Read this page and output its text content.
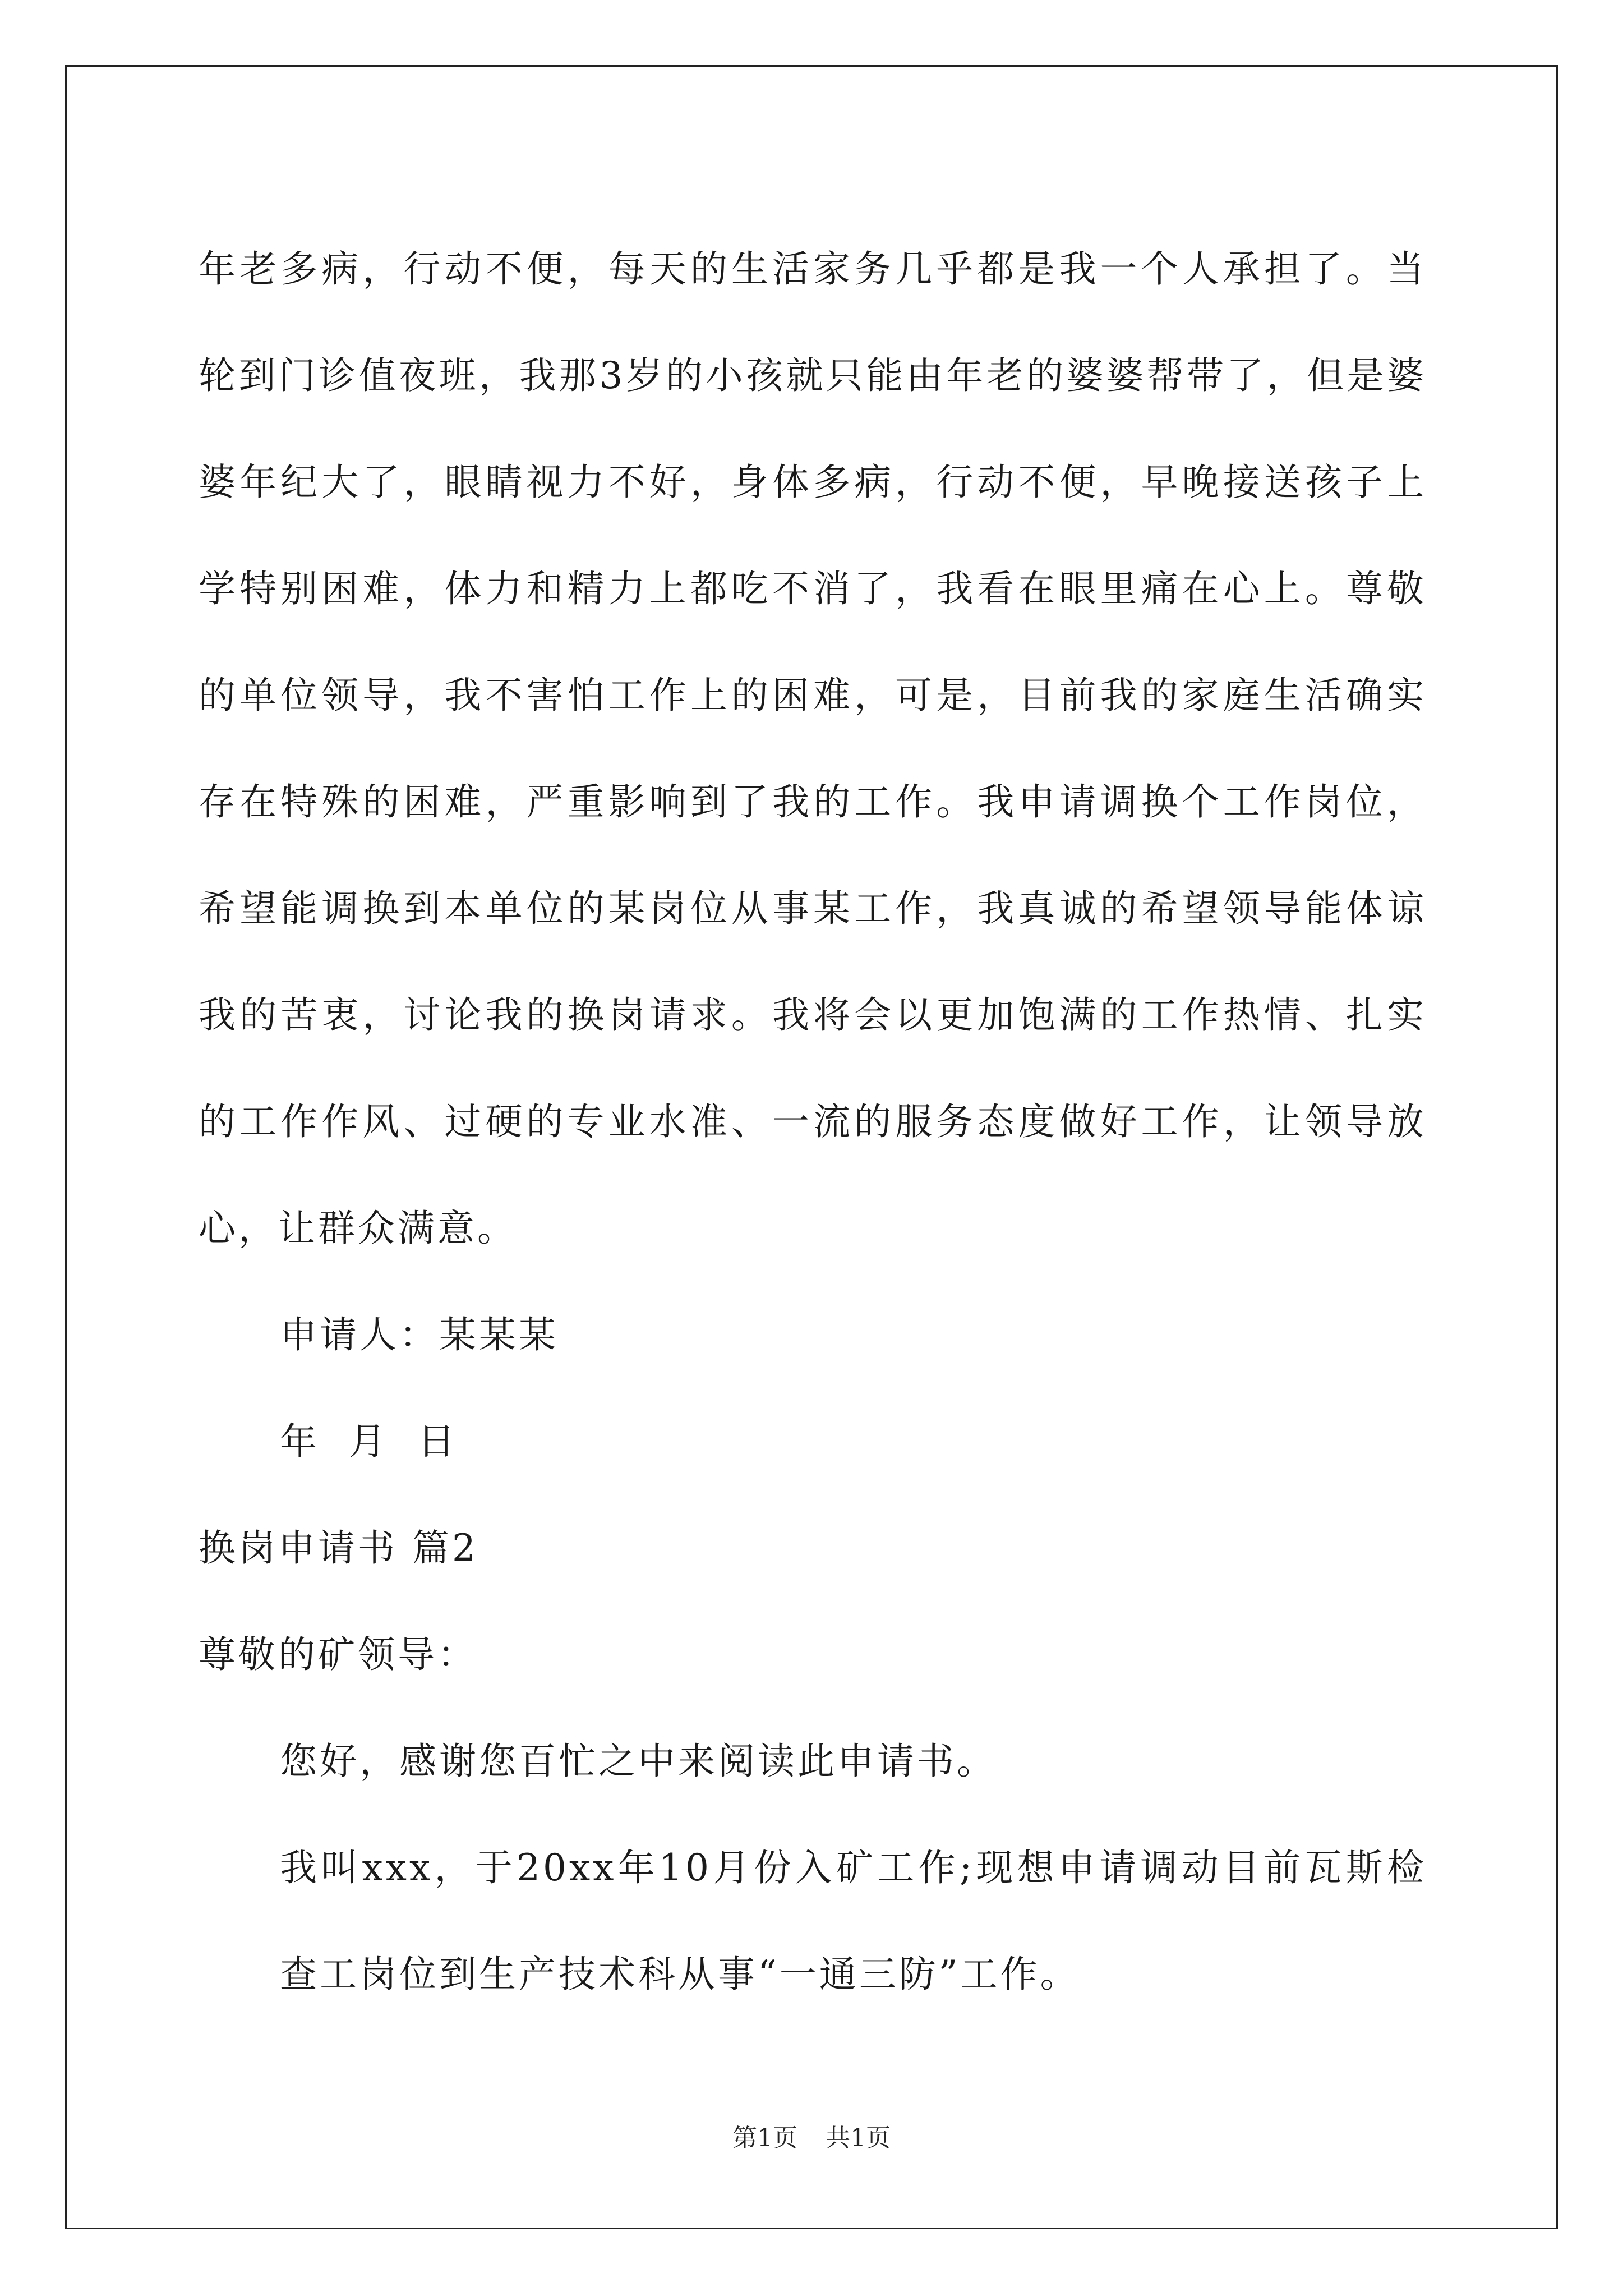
年老多病，行动不便，每天的生活家务几乎都是我一个人承担了。当轮到门诊值夜班，我那3岁的小孩就只能由年老的婆婆帮带了，但是婆婆年纪大了，眼睛视力不好，身体多病，行动不便，早晚接送孩子上学特别困难，体力和精力上都吃不消了，我看在眼里痛在心上。尊敬的单位领导，我不害怕工作上的困难，可是，目前我的家庭生活确实存在特殊的困难，严重影响到了我的工作。我申请调换个工作岗位，希望能调换到本单位的某岗位从事某工作，我真诚的希望领导能体谅我的苦衷，讨论我的换岗请求。我将会以更加饱满的工作热情、扎实的工作作风、过硬的专业水准、一流的服务态度做好工作，让领导放心，让群众满意。

申请人：某某某

年  月  日

换岗申请书 篇2

尊敬的矿领导：

您好，感谢您百忙之中来阅读此申请书。

我叫xxx，于20xx年10月份入矿工作;现想申请调动目前瓦斯检查工岗位到生产技术科从事“一通三防”工作。

第1页 共1页
